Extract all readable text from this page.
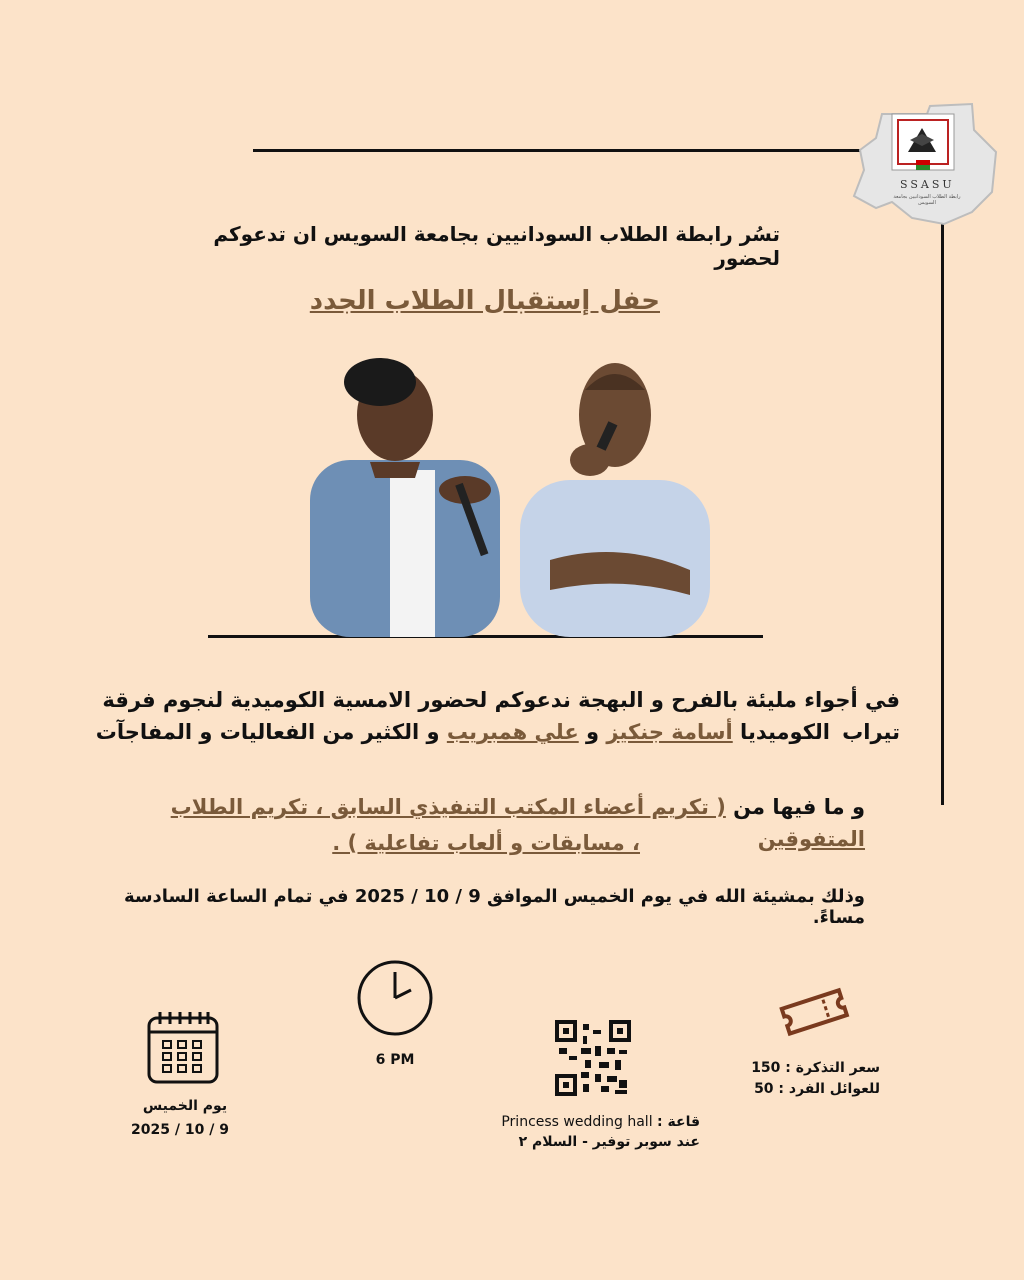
SSASU
رابطة الطلاب السودانيين بجامعة السويس
تسُر رابطة الطلاب السودانيين بجامعة السويس ان تدعوكم لحضور
حفل إستقبال الطلاب الجدد
في أجواء مليئة بالفرح و البهجة ندعوكم لحضور الامسية الكوميدية لنجوم فرقة تيراب
الكوميديا أسامة جنكيز و علي همبريب و الكثير من الفعاليات و المفاجآت
و ما فيها من ( تكريم أعضاء المكتب التنفيذي السابق ، تكريم الطلاب المتفوقين
، مسابقات و ألعاب تفاعلية ) .
وذلك بمشيئة الله في يوم الخميس الموافق 9 / 10 / 2025 في تمام الساعة السادسة مساءً.
يوم الخميس
9 / 10 / 2025
6 PM
قاعة : Princess wedding hall
عند سوبر توفير - السلام ٢
سعر التذكرة : 150
للعوائل الفرد : 50
